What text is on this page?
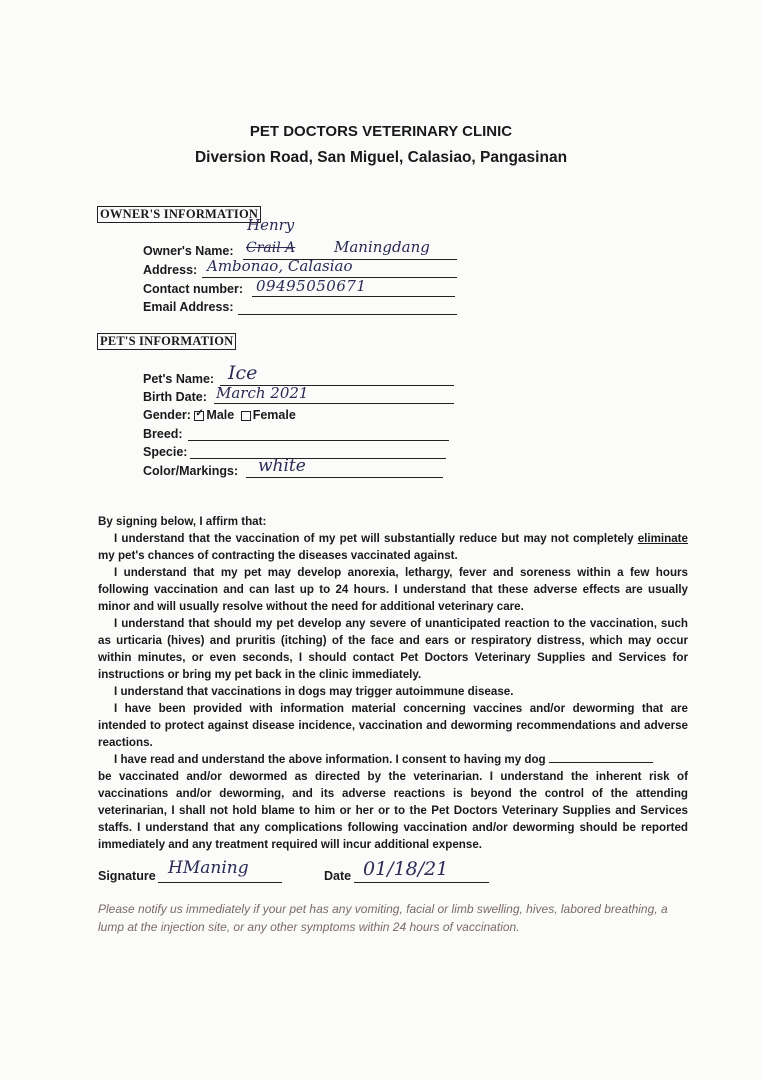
PET DOCTORS VETERINARY CLINIC
Diversion Road, San Miguel, Calasiao, Pangasinan
OWNER'S INFORMATION
Henry
Owner's Name: Crail A	Maningdang
Address: Ambonao, Calasiao
Contact number: 09495050671
Email Address:
PET'S INFORMATION
Pet's Name: Ice
Birth Date: March 2021
Gender: ✓ Male Female
Breed:
Specie:
Color/Markings: white
By signing below, I affirm that:
I understand that the vaccination of my pet will substantially reduce but may not completely eliminate my pet's chances of contracting the diseases vaccinated against.
I understand that my pet may develop anorexia, lethargy, fever and soreness within a few hours following vaccination and can last up to 24 hours. I understand that these adverse effects are usually minor and will usually resolve without the need for additional veterinary care.
I understand that should my pet develop any severe of unanticipated reaction to the vaccination, such as urticaria (hives) and pruritis (itching) of the face and ears or respiratory distress, which may occur within minutes, or even seconds, I should contact Pet Doctors Veterinary Supplies and Services for instructions or bring my pet back in the clinic immediately.
I understand that vaccinations in dogs may trigger autoimmune disease.
I have been provided with information material concerning vaccines and/or deworming that are intended to protect against disease incidence, vaccination and deworming recommendations and adverse reactions.
I have read and understand the above information. I consent to having my dog
be vaccinated and/or dewormed as directed by the veterinarian. I understand the inherent risk of vaccinations and/or deworming, and its adverse reactions is beyond the control of the attending veterinarian, I shall not hold blame to him or her or to the Pet Doctors Veterinary Supplies and Services staffs. I understand that any complications following vaccination and/or deworming should be reported immediately and any treatment required will incur additional expense.
Signature HManing	Date 01/18/21
Please notify us immediately if your pet has any vomiting, facial or limb swelling, hives, labored breathing, a lump at the injection site, or any other symptoms within 24 hours of vaccination.
